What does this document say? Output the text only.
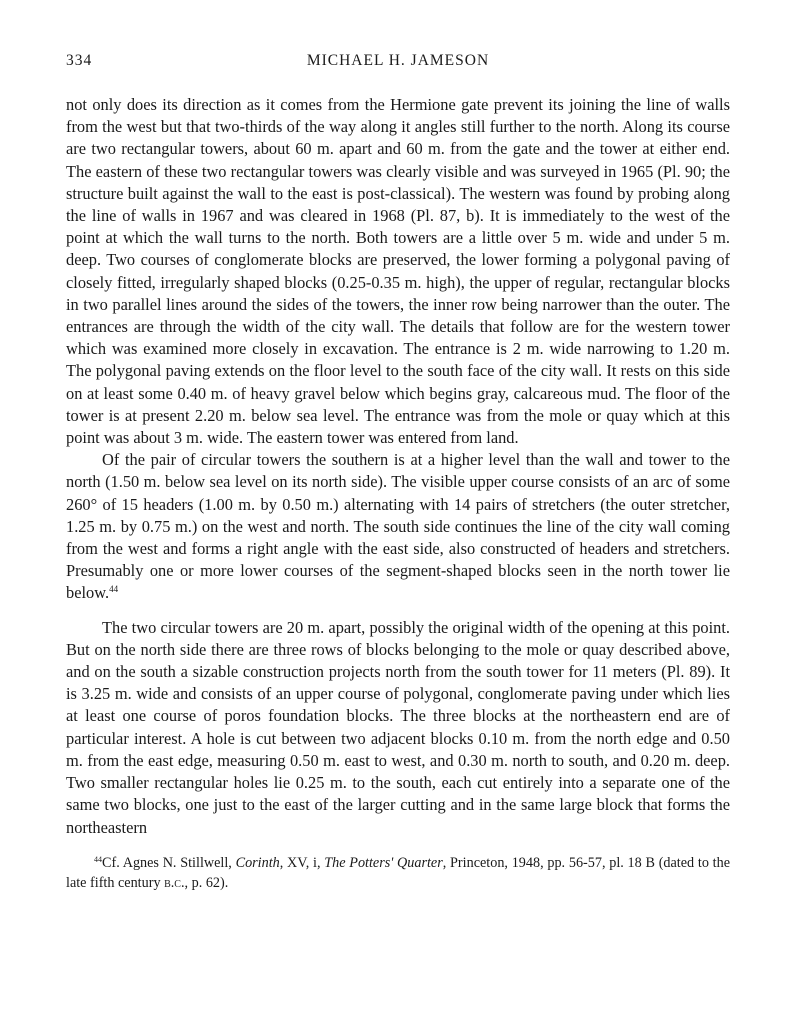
334	MICHAEL H. JAMESON

not only does its direction as it comes from the Hermione gate prevent its joining the line of walls from the west but that two-thirds of the way along it angles still further to the north. Along its course are two rectangular towers, about 60 m. apart and 60 m. from the gate and the tower at either end. The eastern of these two rectangular towers was clearly visible and was surveyed in 1965 (Pl. 90; the structure built against the wall to the east is post-classical). The western was found by probing along the line of walls in 1967 and was cleared in 1968 (Pl. 87, b). It is immediately to the west of the point at which the wall turns to the north. Both towers are a little over 5 m. wide and under 5 m. deep. Two courses of conglomerate blocks are preserved, the lower forming a polygonal paving of closely fitted, irregularly shaped blocks (0.25-0.35 m. high), the upper of regular, rectangular blocks in two parallel lines around the sides of the towers, the inner row being narrower than the outer. The entrances are through the width of the city wall. The details that follow are for the western tower which was examined more closely in excavation. The entrance is 2 m. wide narrowing to 1.20 m. The polygonal paving extends on the floor level to the south face of the city wall. It rests on this side on at least some 0.40 m. of heavy gravel below which begins gray, calcareous mud. The floor of the tower is at present 2.20 m. below sea level. The entrance was from the mole or quay which at this point was about 3 m. wide. The eastern tower was entered from land.

Of the pair of circular towers the southern is at a higher level than the wall and tower to the north (1.50 m. below sea level on its north side). The visible upper course consists of an arc of some 260° of 15 headers (1.00 m. by 0.50 m.) alternating with 14 pairs of stretchers (the outer stretcher, 1.25 m. by 0.75 m.) on the west and north. The south side continues the line of the city wall coming from the west and forms a right angle with the east side, also constructed of headers and stretchers. Presumably one or more lower courses of the segment-shaped blocks seen in the north tower lie below.$^{44}$

The two circular towers are 20 m. apart, possibly the original width of the opening at this point. But on the north side there are three rows of blocks belonging to the mole or quay described above, and on the south a sizable construction projects north from the south tower for 11 meters (Pl. 89). It is 3.25 m. wide and consists of an upper course of polygonal, conglomerate paving under which lies at least one course of poros foundation blocks. The three blocks at the northeastern end are of particular interest. A hole is cut between two adjacent blocks 0.10 m. from the north edge and 0.50 m. from the east edge, measuring 0.50 m. east to west, and 0.30 m. north to south, and 0.20 m. deep. Two smaller rectangular holes lie 0.25 m. to the south, each cut entirely into a separate one of the same two blocks, one just to the east of the larger cutting and in the same large block that forms the northeastern

$^{44}$Cf. Agnes N. Stillwell, Corinth, XV, i, The Potters' Quarter, Princeton, 1948, pp. 56-57, pl. 18 B (dated to the late fifth century b.c., p. 62).
